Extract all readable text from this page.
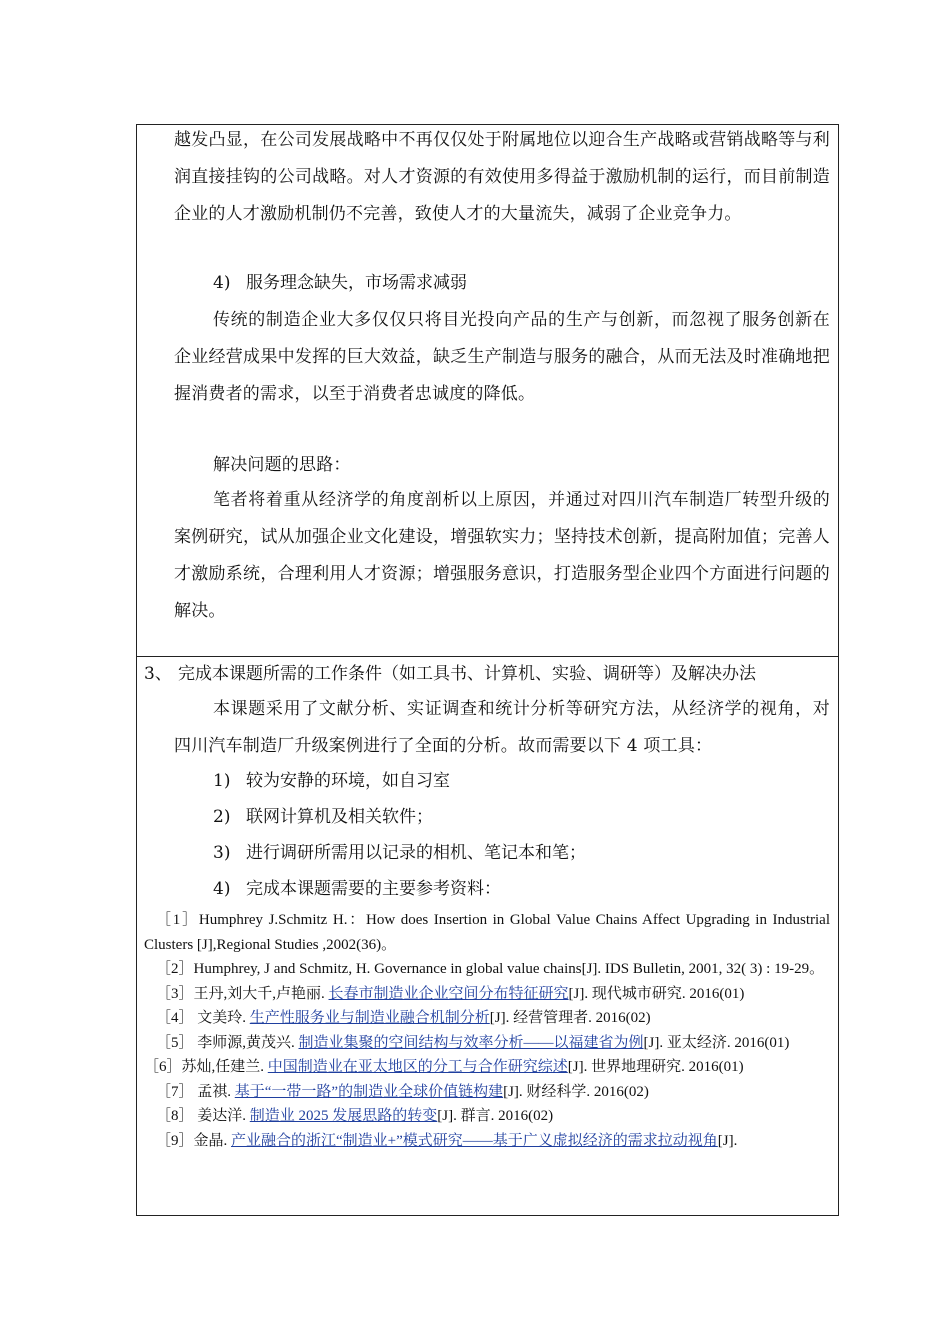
越发凸显，在公司发展战略中不再仅仅处于附属地位以迎合生产战略或营销战略等与利润直接挂钩的公司战略。对人才资源的有效使用多得益于激励机制的运行，而目前制造企业的人才激励机制仍不完善，致使人才的大量流失，减弱了企业竞争力。

4) 服务理念缺失，市场需求减弱

传统的制造企业大多仅仅只将目光投向产品的生产与创新，而忽视了服务创新在企业经营成果中发挥的巨大效益，缺乏生产制造与服务的融合，从而无法及时准确地把握消费者的需求，以至于消费者忠诚度的降低。

解决问题的思路：

笔者将着重从经济学的角度剖析以上原因，并通过对四川汽车制造厂转型升级的案例研究，试从加强企业文化建设，增强软实力；坚持技术创新，提高附加值；完善人才激励系统，合理利用人才资源；增强服务意识，打造服务型企业四个方面进行问题的解决。

3、 完成本课题所需的工作条件（如工具书、计算机、实验、调研等）及解决办法

本课题采用了文献分析、实证调查和统计分析等研究方法，从经济学的视角，对四川汽车制造厂升级案例进行了全面的分析。故而需要以下 4 项工具：

1) 较为安静的环境，如自习室
2) 联网计算机及相关软件；
3) 进行调研所需用以记录的相机、笔记本和笔；
4) 完成本课题需要的主要参考资料：

［1］Humphrey J.Schmitz H.：How does Insertion in Global Value Chains Affect Upgrading in Industrial Clusters [J],Regional Studies ,2002(36)。

［2］Humphrey, J and Schmitz, H. Governance in global value chains[J]. IDS Bulletin, 2001, 32( 3) : 19-29。

［3］王丹,刘大千,卢艳丽. 长春市制造业企业空间分布特征研究[J]. 现代城市研究. 2016(01)

［4］ 文美玲. 生产性服务业与制造业融合机制分析[J]. 经营管理者. 2016(02)

［5］ 李师源,黄茂兴. 制造业集聚的空间结构与效率分析——以福建省为例[J]. 亚太经济. 2016(01)

［6］苏灿,任建兰. 中国制造业在亚太地区的分工与合作研究综述[J]. 世界地理研究. 2016(01)

［7］ 孟祺. 基于“一带一路”的制造业全球价值链构建[J]. 财经科学. 2016(02)

［8］ 姜达洋. 制造业 2025 发展思路的转变[J]. 群言. 2016(02)

［9］金晶. 产业融合的浙江“制造业+”模式研究——基于广义虚拟经济的需求拉动视角[J].
